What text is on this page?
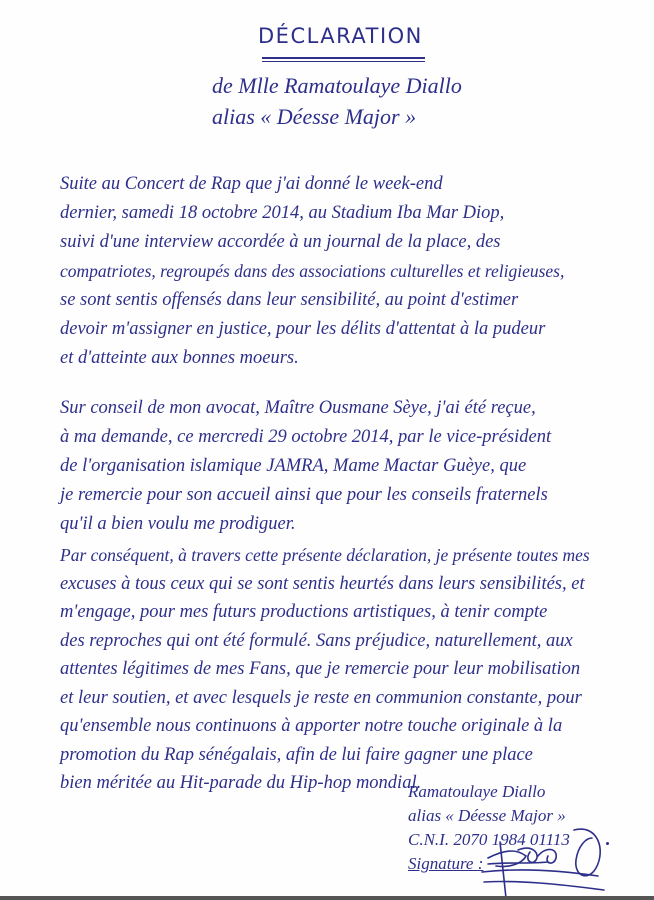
DÉCLARATION
de Mlle Ramatoulaye Diallo
alias « Déesse Major »
Suite au Concert de Rap que j'ai donné le week-end
dernier, samedi 18 octobre 2014, au Stadium Iba Mar Diop,
suivi d'une interview accordée à un journal de la place, des
compatriotes, regroupés dans des associations culturelles et religieuses,
se sont sentis offensés dans leur sensibilité, au point d'estimer
devoir m'assigner en justice, pour les délits d'attentat à la pudeur
et d'atteinte aux bonnes moeurs.
Sur conseil de mon avocat, Maître Ousmane Sèye, j'ai été reçue,
à ma demande, ce mercredi 29 octobre 2014, par le vice-président
de l'organisation islamique JAMRA, Mame Mactar Guèye, que
je remercie pour son accueil ainsi que pour les conseils fraternels
qu'il a bien voulu me prodiguer.
Par conséquent, à travers cette présente déclaration, je présente toutes mes
excuses à tous ceux qui se sont sentis heurtés dans leurs sensibilités, et
m'engage, pour mes futurs productions artistiques, à tenir compte
des reproches qui ont été formulé. Sans préjudice, naturellement, aux
attentes légitimes de mes Fans, que je remercie pour leur mobilisation
et leur soutien, et avec lesquels je reste en communion constante, pour
qu'ensemble nous continuons à apporter notre touche originale à la
promotion du Rap sénégalais, afin de lui faire gagner une place
bien méritée au Hit-parade du Hip-hop mondial.
Ramatoulaye Diallo
alias « Déesse Major »
C.N.I. 2070 1984 01113
Signature :
